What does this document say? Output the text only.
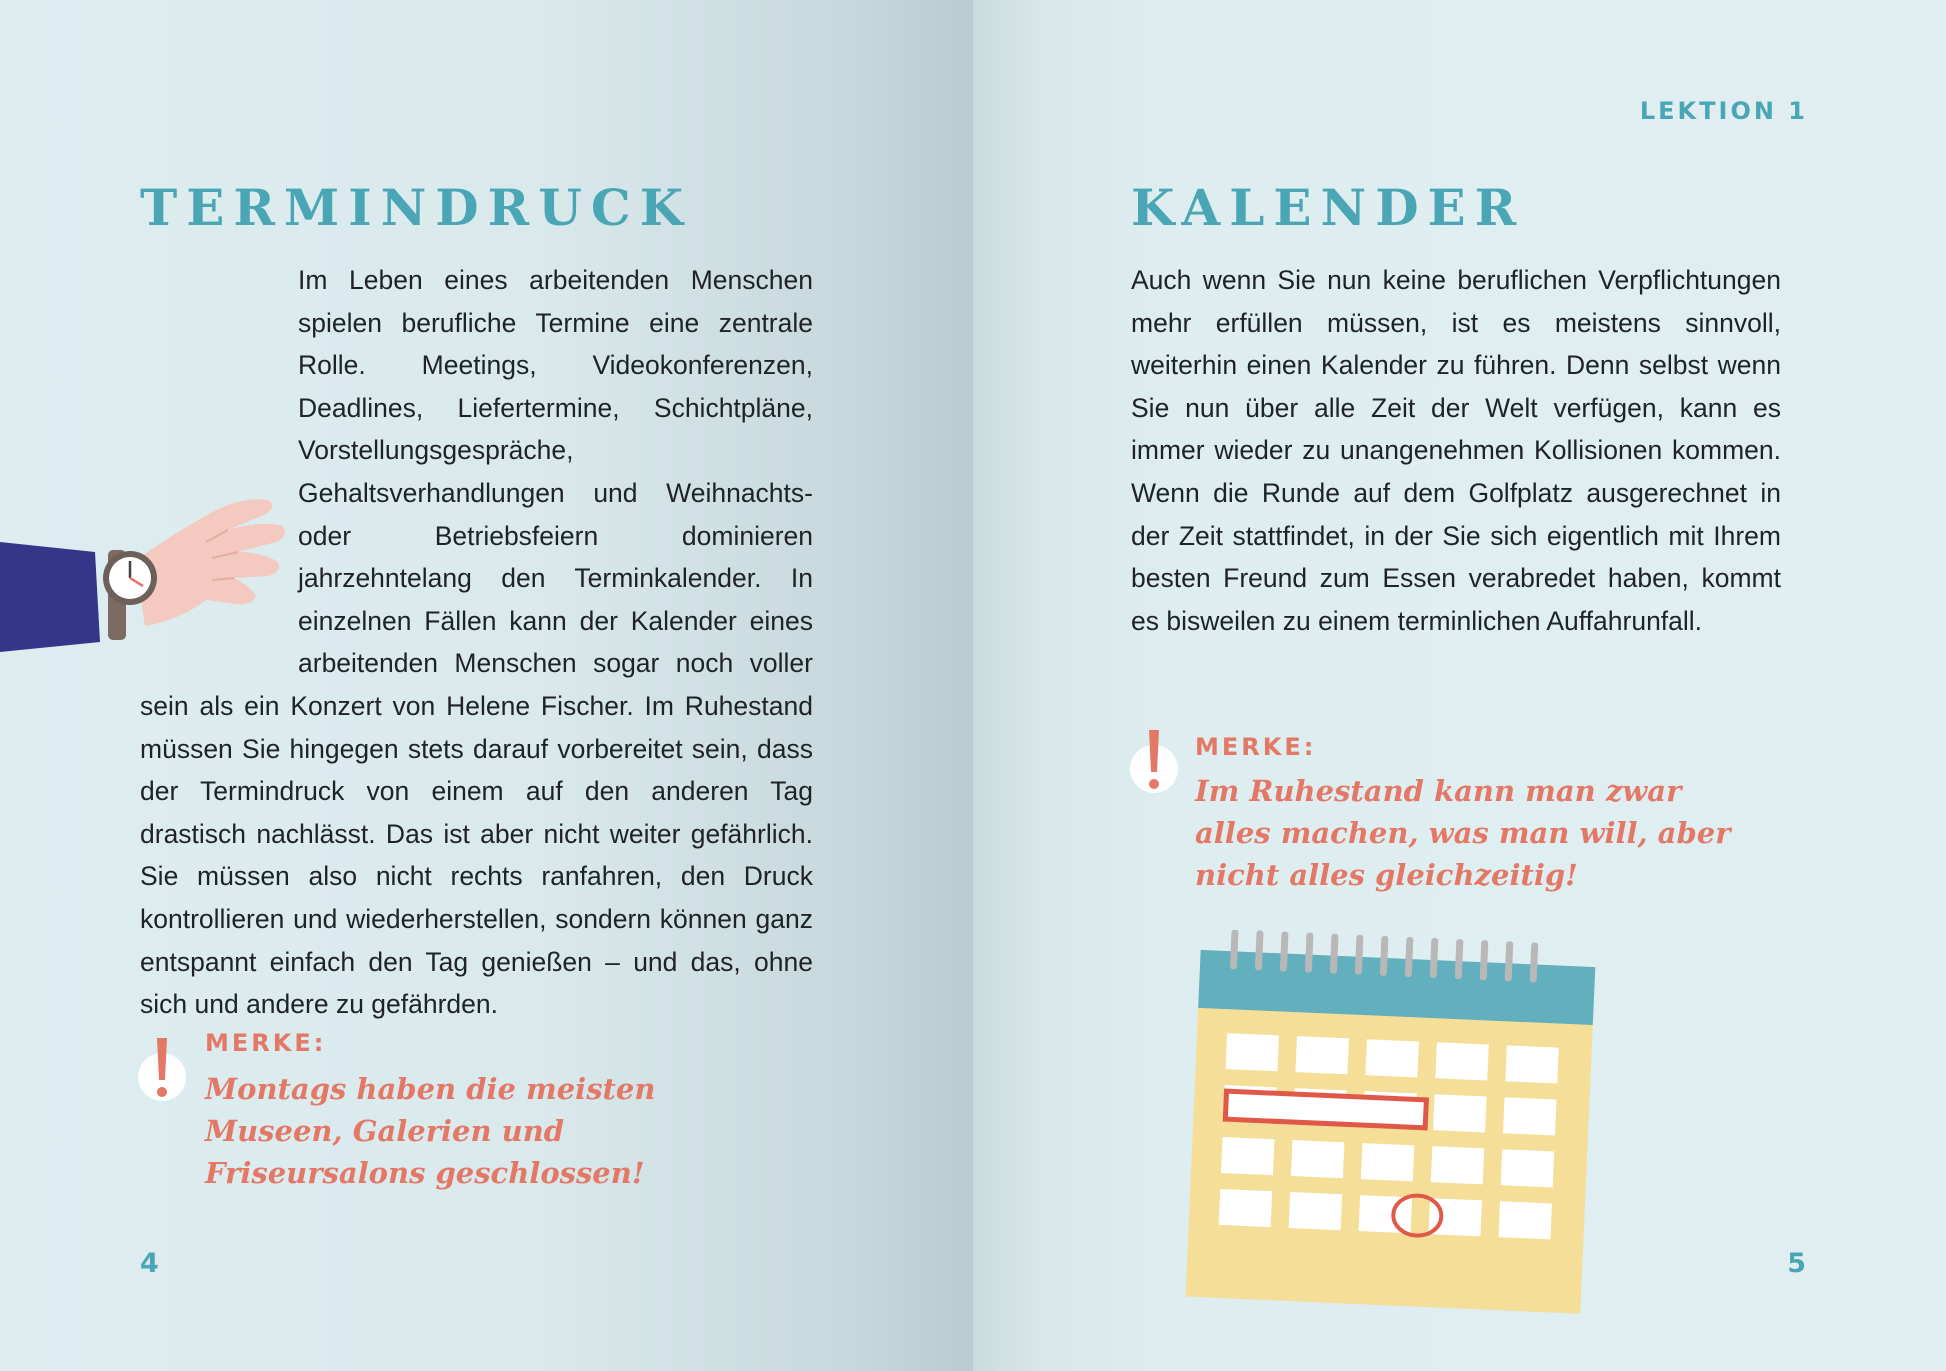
TERMINDRUCK
Im Leben eines arbeitenden Menschen spielen berufliche Termine eine zentrale Rolle. Meetings, Videokonferenzen, Deadlines, Liefertermine, Schichtpläne, Vorstellungsgespräche, Gehaltsverhandlungen und Weihnachts- oder Betriebsfeiern dominieren jahrzehntelang den Terminkalender. In einzelnen Fällen kann der Kalender eines arbeitenden Menschen sogar noch voller sein als ein Konzert von Helene Fischer. Im Ruhestand müssen Sie hingegen stets darauf vorbereitet sein, dass der Termindruck von einem auf den anderen Tag drastisch nachlässt. Das ist aber nicht weiter gefährlich. Sie müssen also nicht rechts ranfahren, den Druck kontrollieren und wiederherstellen, sondern können ganz entspannt einfach den Tag genießen – und das, ohne sich und andere zu gefährden.

MERKE:

Montags haben die meisten Museen, Galerien und Friseursalons geschlossen!

4

LEKTION 1

KALENDER
Auch wenn Sie nun keine beruflichen Verpflichtungen mehr erfüllen müssen, ist es meistens sinnvoll, weiterhin einen Kalender zu führen. Denn selbst wenn Sie nun über alle Zeit der Welt verfügen, kann es immer wieder zu unangenehmen Kollisionen kommen. Wenn die Runde auf dem Golfplatz ausgerechnet in der Zeit stattfindet, in der Sie sich eigentlich mit Ihrem besten Freund zum Essen verabredet haben, kommt es bisweilen zu einem terminlichen Auffahrunfall.

MERKE:

Im Ruhestand kann man zwar alles machen, was man will, aber nicht alles gleichzeitig!

5
